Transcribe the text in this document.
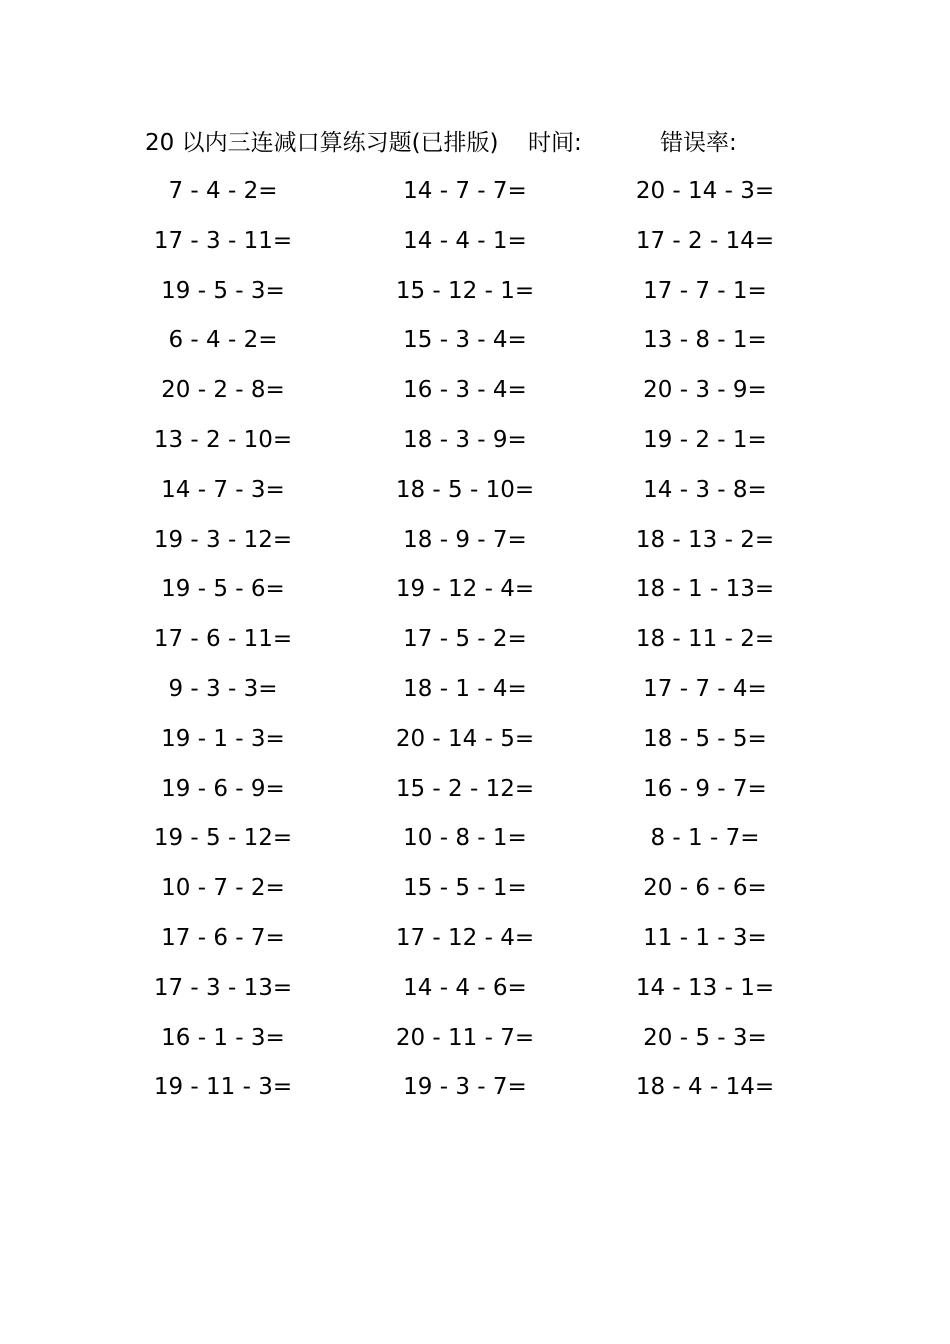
20 以内三连减口算练习题(已排版) 时间:	错误率:
7 - 4 - 2=	14 - 7 - 7=	20 - 14 - 3=
17 - 3 - 11=	14 - 4 - 1=	17 - 2 - 14=
19 - 5 - 3=	15 - 12 - 1=	17 - 7 - 1=
6 - 4 - 2=	15 - 3 - 4=	13 - 8 - 1=
20 - 2 - 8=	16 - 3 - 4=	20 - 3 - 9=
13 - 2 - 10=	18 - 3 - 9=	19 - 2 - 1=
14 - 7 - 3=	18 - 5 - 10=	14 - 3 - 8=
19 - 3 - 12=	18 - 9 - 7=	18 - 13 - 2=
19 - 5 - 6=	19 - 12 - 4=	18 - 1 - 13=
17 - 6 - 11=	17 - 5 - 2=	18 - 11 - 2=
9 - 3 - 3=	18 - 1 - 4=	17 - 7 - 4=
19 - 1 - 3=	20 - 14 - 5=	18 - 5 - 5=
19 - 6 - 9=	15 - 2 - 12=	16 - 9 - 7=
19 - 5 - 12=	10 - 8 - 1=	8 - 1 - 7=
10 - 7 - 2=	15 - 5 - 1=	20 - 6 - 6=
17 - 6 - 7=	17 - 12 - 4=	11 - 1 - 3=
17 - 3 - 13=	14 - 4 - 6=	14 - 13 - 1=
16 - 1 - 3=	20 - 11 - 7=	20 - 5 - 3=
19 - 11 - 3=	19 - 3 - 7=	18 - 4 - 14=
